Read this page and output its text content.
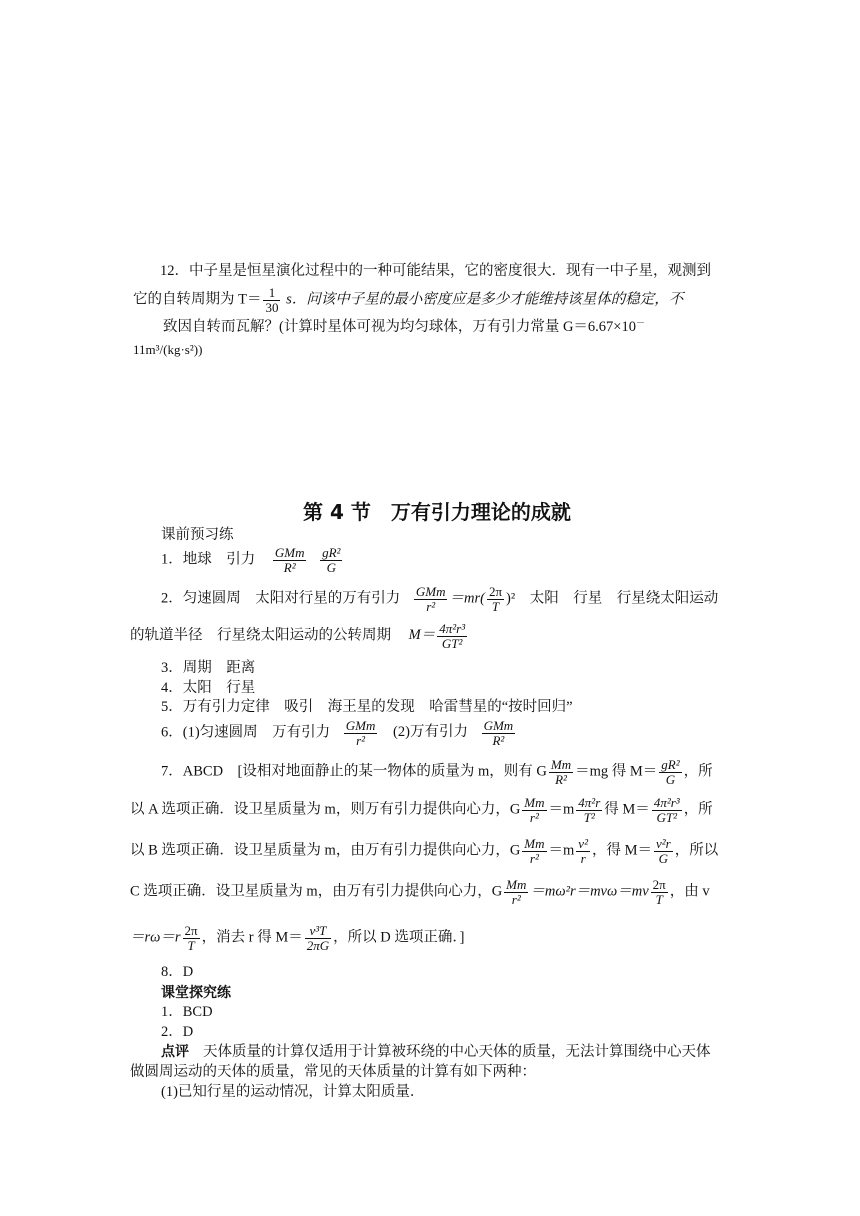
12．中子星是恒星演化过程中的一种可能结果，它的密度很大．现有一中子星，观测到
它的自转周期为 $T= \frac{1}{30}$ s．问该中子星的最小密度应是多少才能维持该星体的稳定，不
致因自转而瓦解？(计算时星体可视为均匀球体，万有引力常量 G＝6.67×10－
11m³/(kg·s²))
第 4 节　万有引力理论的成就
课前预习练
1．地球　引力 $\frac{\text{GMm}}{\text{R²}}$
$\frac{\text{gR²}}{G}$
2．匀速圆周　太阳对行星的万有引力 $\frac{\text{GMm}}{\text{r²}} =mr( \frac{2\pi}{T} )^2$　太阳　行星　行星绕太阳运动
的轨道半径　行星绕太阳运动的公转周期 $M= \frac{\text{4π²r³}}{\text{GT²}}$
3．周期　距离
4．太阳　行星
5．万有引力定律　吸引　海王星的发现　哈雷彗星的“按时回归”
6．(1)匀速圆周　万有引力 $\frac{\text{GMm}}{\text{r²}} (2)$万有引力 $\frac{\text{GMm}}{\text{R²}}$
7．ABCD　[设相对地面静止的某一物体的质量为 m，则有 G $\frac{Mm}{\text{R²}} =mg$ 得 $M= \frac{\text{gR²}}{G}$ ，所
以 A 选项正确．设卫星质量为 m，则万有引力提供向心力，G $\frac{Mm}{\text{r²}} =m \frac{\text{4π²r}}{\text{T²}}$ 得 $M= \frac{\text{4π²r³}}{\text{GT²}}$ ，所
以 B 选项正确．设卫星质量为 m，由万有引力提供向心力，G $\frac{Mm}{\text{r²}} =m \frac{\text{v²}}{r}$ ，得 $M= \frac{\text{v²r}}{G}$ ，所以
C 选项正确．设卫星质量为 m，由万有引力提供向心力，G $\frac{Mm}{\text{r²}} =m\omega^2r=mv\omega=mv \frac{2\pi}{T}$ ，由 v
$=r\omega=r \frac{2\pi}{T}$ ，消去 r 得 $M= \frac{\text{v³T}}{2\pi G}$ ，所以 D 选项正确．]
8．D
课堂探究练
1．BCD
2．D
点评 天体质量的计算仅适用于计算被环绕的中心天体的质量，无法计算围绕中心天体
做圆周运动的天体的质量，常见的天体质量的计算有如下两种：
(1)已知行星的运动情况，计算太阳质量．
